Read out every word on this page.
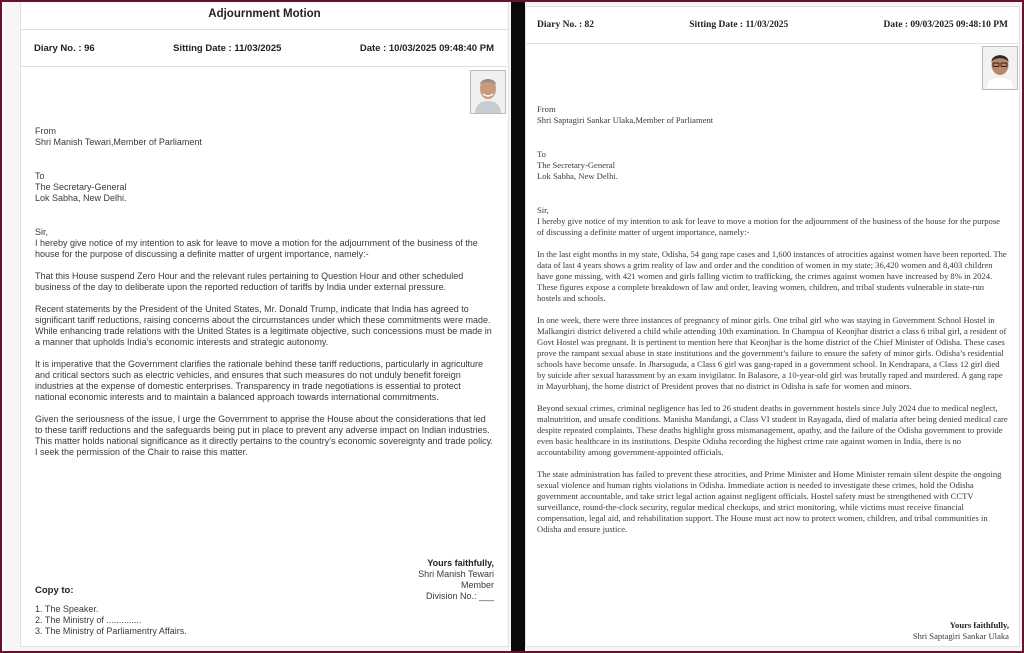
Adjournment Motion
Diary No. : 96	Sitting Date : 11/03/2025	Date : 10/03/2025 09:48:40 PM

From

Shri Manish Tewari,Member of Parliament

To

The Secretary-General

Lok Sabha, New Delhi.

Sir,

I hereby give notice of my intention to ask for leave to move a motion for the adjournment of the business of the house for the purpose of discussing a definite matter of urgent importance, namely:-

That this House suspend Zero Hour and the relevant rules pertaining to Question Hour and other scheduled business of the day to deliberate upon the reported reduction of tariffs by India under external pressure.

Recent statements by the President of the United States, Mr. Donald Trump, indicate that India has agreed to significant tariff reductions, raising concerns about the circumstances under which these commitments were made. While enhancing trade relations with the United States is a legitimate objective, such concessions must be made in a manner that upholds India's economic interests and strategic autonomy.

It is imperative that the Government clarifies the rationale behind these tariff reductions, particularly in agriculture and critical sectors such as electric vehicles, and ensures that such measures do not unduly benefit foreign industries at the expense of domestic enterprises. Transparency in trade negotiations is essential to protect national economic interests and to maintain a balanced approach towards international commitments.

Given the seriousness of the issue, I urge the Government to apprise the House about the considerations that led to these tariff reductions and the safeguards being put in place to prevent any adverse impact on Indian industries. This matter holds national significance as it directly pertains to the country’s economic sovereignty and trade policy.

I seek the permission of the Chair to raise this matter.

Yours faithfully,
Shri Manish Tewari
Member
Division No.: ___
Copy to:
1. The Speaker.
2. The Ministry of ..............
3. The Ministry of Parliamentry Affairs.
Diary No. : 82	Sitting Date : 11/03/2025	Date : 09/03/2025 09:48:10 PM

From

Shri Saptagiri Sankar Ulaka,Member of Parliament

To

The Secretary-General

Lok Sabha, New Delhi.

Sir,

I hereby give notice of my intention to ask for leave to move a motion for the adjournment of the business of the house for the purpose of discussing a definite matter of urgent importance, namely:-

In the last eight months in my state, Odisha, 54 gang rape cases and 1,600 instances of atrocities against women have been reported. The data of last 4 years shows a grim reality of law and order and the condition of women in my state; 36,420 women and 8,403 children have gone missing, with 421 women and girls falling victim to trafficking, the crimes against women have increased by 8% in 2024. These figures expose a complete breakdown of law and order, leaving women, children, and tribal students vulnerable in state-run hostels and schools.

In one week, there were three instances of pregnancy of minor girls. One tribal girl who was staying in Government School Hostel in Malkangiri district delivered a child while attending 10th examination. In Champua of Keonjhar district a class 6 tribal girl, a resident of Govt Hostel was pregnant. It is pertinent to mention here that Keonjhar is the home district of the Chief Minister of Odisha. These cases prove the rampant sexual abuse in state institutions and the government’s failure to ensure the safety of minor girls. Odisha’s residential schools have become unsafe. In Jharsuguda, a Class 6 girl was gang-raped in a government school. In Kendrapara, a Class 12 girl died by suicide after sexual harassment by an exam invigilator. In Balasore, a 10-year-old girl was brutally raped and murdered. A gang rape in Mayurbhanj, the home district of President proves that no district in Odisha is safe for women and minors.

Beyond sexual crimes, criminal negligence has led to 26 student deaths in government hostels since July 2024 due to medical neglect, malnutrition, and unsafe conditions. Manisha Mandangi, a Class VI student in Rayagada, died of malaria after being denied medical care despite repeated complaints. These deaths highlight gross mismanagement, apathy, and the failure of the Odisha government to provide even basic healthcare in its institutions. Despite Odisha recording the highest crime rate against women in India, there is no accountability among government-appointed officials.

The state administration has failed to prevent these atrocities, and Prime Minister and Home Minister remain silent despite the ongoing sexual violence and human rights violations in Odisha. Immediate action is needed to investigate these crimes, hold the Odisha government accountable, and take strict legal action against negligent officials. Hostel safety must be strengthened with CCTV surveillance, round-the-clock security, regular medical checkups, and strict monitoring, while victims must receive financial compensation, legal aid, and rehabilitation support. The House must act now to protect women, children, and tribal communities in Odisha and ensure justice.

Yours faithfully,
Shri Saptagiri Sankar Ulaka
